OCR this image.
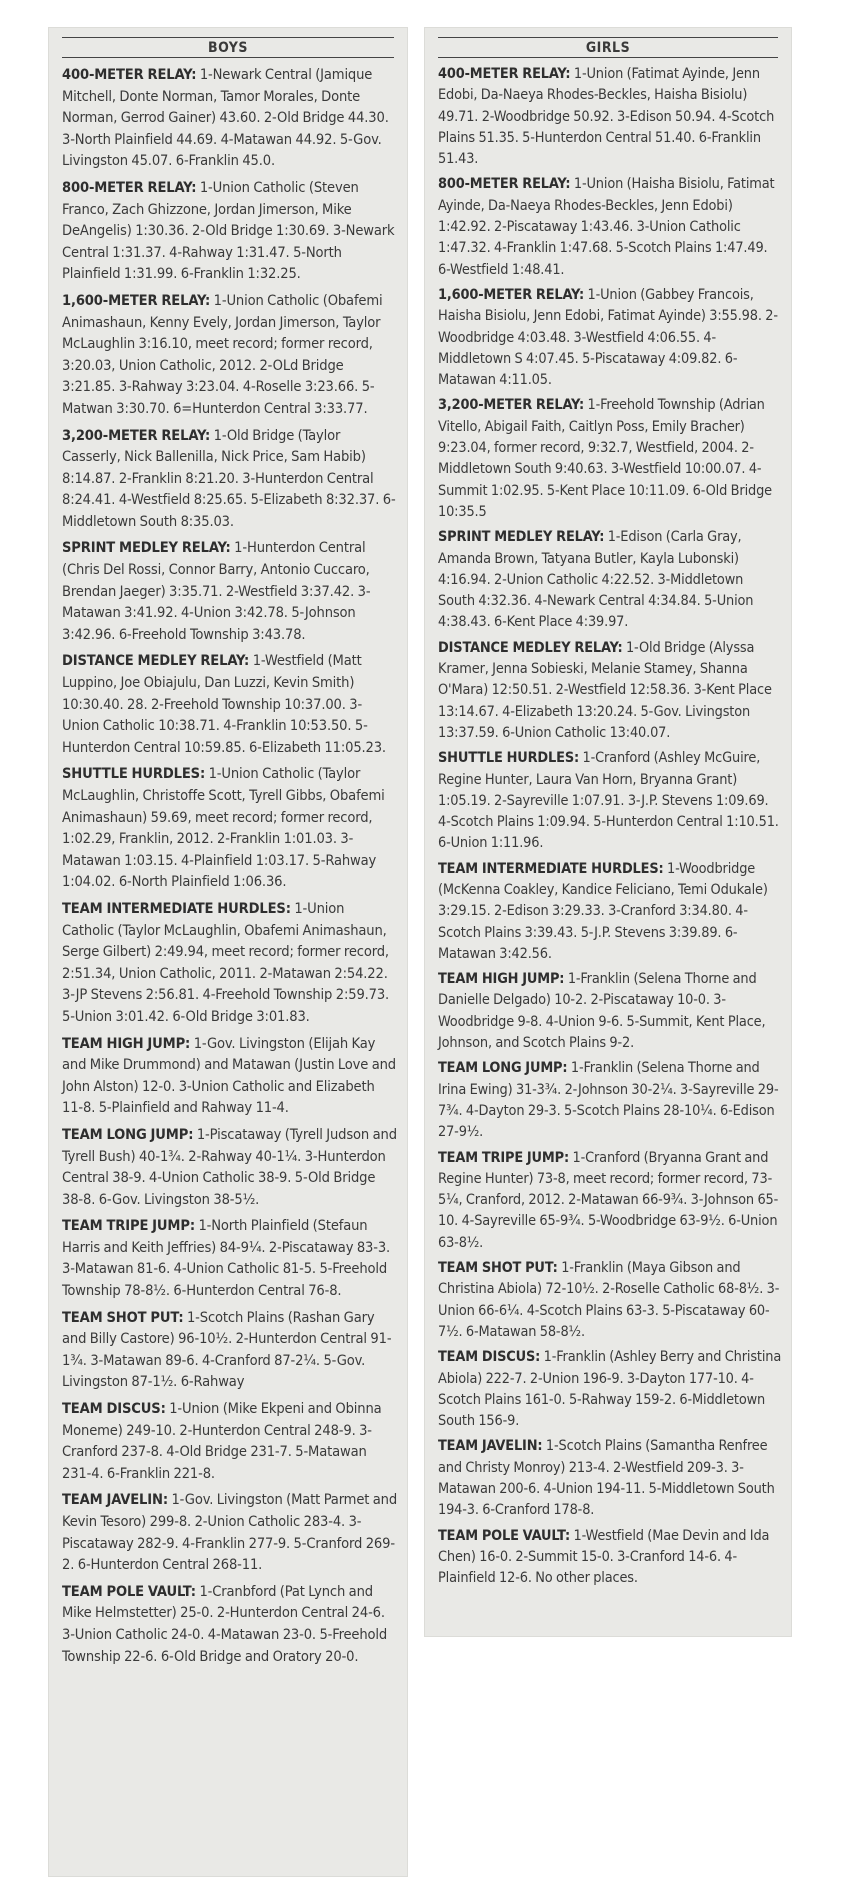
BOYS
400-METER RELAY: 1-Newark Central (Jamique Mitchell, Donte Norman, Tamor Morales, Donte Norman, Gerrod Gainer) 43.60. 2-Old Bridge 44.30. 3-North Plainfield 44.69. 4-Matawan 44.92. 5-Gov. Livingston 45.07. 6-Franklin 45.0.
800-METER RELAY: 1-Union Catholic (Steven Franco, Zach Ghizzone, Jordan Jimerson, Mike DeAngelis) 1:30.36. 2-Old Bridge 1:30.69. 3-Newark Central 1:31.37. 4-Rahway 1:31.47. 5-North Plainfield 1:31.99. 6-Franklin 1:32.25.
1,600-METER RELAY: 1-Union Catholic (Obafemi Animashaun, Kenny Evely, Jordan Jimerson, Taylor McLaughlin 3:16.10, meet record; former record, 3:20.03, Union Catholic, 2012. 2-OLd Bridge 3:21.85. 3-Rahway 3:23.04. 4-Roselle 3:23.66. 5-Matwan 3:30.70. 6=Hunterdon Central 3:33.77.
3,200-METER RELAY: 1-Old Bridge (Taylor Casserly, Nick Ballenilla, Nick Price, Sam Habib) 8:14.87. 2-Franklin 8:21.20. 3-Hunterdon Central 8:24.41. 4-Westfield 8:25.65. 5-Elizabeth 8:32.37. 6-Middletown South 8:35.03.
SPRINT MEDLEY RELAY: 1-Hunterdon Central (Chris Del Rossi, Connor Barry, Antonio Cuccaro, Brendan Jaeger) 3:35.71. 2-Westfield 3:37.42. 3-Matawan 3:41.92. 4-Union 3:42.78. 5-Johnson 3:42.96. 6-Freehold Township 3:43.78.
DISTANCE MEDLEY RELAY: 1-Westfield (Matt Luppino, Joe Obiajulu, Dan Luzzi, Kevin Smith) 10:30.40. 28. 2-Freehold Township 10:37.00. 3-Union Catholic 10:38.71. 4-Franklin 10:53.50. 5-Hunterdon Central 10:59.85. 6-Elizabeth 11:05.23.
SHUTTLE HURDLES: 1-Union Catholic (Taylor McLaughlin, Christoffe Scott, Tyrell Gibbs, Obafemi Animashaun) 59.69, meet record; former record, 1:02.29, Franklin, 2012. 2-Franklin 1:01.03. 3-Matawan 1:03.15. 4-Plainfield 1:03.17. 5-Rahway 1:04.02. 6-North Plainfield 1:06.36.
TEAM INTERMEDIATE HURDLES: 1-Union Catholic (Taylor McLaughlin, Obafemi Animashaun, Serge Gilbert) 2:49.94, meet record; former record, 2:51.34, Union Catholic, 2011. 2-Matawan 2:54.22. 3-JP Stevens 2:56.81. 4-Freehold Township 2:59.73. 5-Union 3:01.42. 6-Old Bridge 3:01.83.
TEAM HIGH JUMP: 1-Gov. Livingston (Elijah Kay and Mike Drummond) and Matawan (Justin Love and John Alston) 12-0. 3-Union Catholic and Elizabeth 11-8. 5-Plainfield and Rahway 11-4.
TEAM LONG JUMP: 1-Piscataway (Tyrell Judson and Tyrell Bush) 40-1¾. 2-Rahway 40-1¼. 3-Hunterdon Central 38-9. 4-Union Catholic 38-9. 5-Old Bridge 38-8. 6-Gov. Livingston 38-5½.
TEAM TRIPE JUMP: 1-North Plainfield (Stefaun Harris and Keith Jeffries) 84-9¼. 2-Piscataway 83-3. 3-Matawan 81-6. 4-Union Catholic 81-5. 5-Freehold Township 78-8½. 6-Hunterdon Central 76-8.
TEAM SHOT PUT: 1-Scotch Plains (Rashan Gary and Billy Castore) 96-10½. 2-Hunterdon Central 91-1¾. 3-Matawan 89-6. 4-Cranford 87-2¼. 5-Gov. Livingston 87-1½. 6-Rahway
TEAM DISCUS: 1-Union (Mike Ekpeni and Obinna Moneme) 249-10. 2-Hunterdon Central 248-9. 3-Cranford 237-8. 4-Old Bridge 231-7. 5-Matawan 231-4. 6-Franklin 221-8.
TEAM JAVELIN: 1-Gov. Livingston (Matt Parmet and Kevin Tesoro) 299-8. 2-Union Catholic 283-4. 3-Piscataway 282-9. 4-Franklin 277-9. 5-Cranford 269-2. 6-Hunterdon Central 268-11.
TEAM POLE VAULT: 1-Cranbford (Pat Lynch and Mike Helmstetter) 25-0. 2-Hunterdon Central 24-6. 3-Union Catholic 24-0. 4-Matawan 23-0. 5-Freehold Township 22-6. 6-Old Bridge and Oratory 20-0.
GIRLS
400-METER RELAY: 1-Union (Fatimat Ayinde, Jenn Edobi, Da-Naeya Rhodes-Beckles, Haisha Bisiolu) 49.71. 2-Woodbridge 50.92. 3-Edison 50.94. 4-Scotch Plains 51.35. 5-Hunterdon Central 51.40. 6-Franklin 51.43.
800-METER RELAY: 1-Union (Haisha Bisiolu, Fatimat Ayinde, Da-Naeya Rhodes-Beckles, Jenn Edobi) 1:42.92. 2-Piscataway 1:43.46. 3-Union Catholic 1:47.32. 4-Franklin 1:47.68. 5-Scotch Plains 1:47.49. 6-Westfield 1:48.41.
1,600-METER RELAY: 1-Union (Gabbey Francois, Haisha Bisiolu, Jenn Edobi, Fatimat Ayinde) 3:55.98. 2-Woodbridge 4:03.48. 3-Westfield 4:06.55. 4-Middletown S 4:07.45. 5-Piscataway 4:09.82. 6-Matawan 4:11.05.
3,200-METER RELAY: 1-Freehold Township (Adrian Vitello, Abigail Faith, Caitlyn Poss, Emily Bracher) 9:23.04, former record, 9:32.7, Westfield, 2004. 2-Middletown South 9:40.63. 3-Westfield 10:00.07. 4-Summit 1:02.95. 5-Kent Place 10:11.09. 6-Old Bridge 10:35.5
SPRINT MEDLEY RELAY: 1-Edison (Carla Gray, Amanda Brown, Tatyana Butler, Kayla Lubonski) 4:16.94. 2-Union Catholic 4:22.52. 3-Middletown South 4:32.36. 4-Newark Central 4:34.84. 5-Union 4:38.43. 6-Kent Place 4:39.97.
DISTANCE MEDLEY RELAY: 1-Old Bridge (Alyssa Kramer, Jenna Sobieski, Melanie Stamey, Shanna O'Mara) 12:50.51. 2-Westfield 12:58.36. 3-Kent Place 13:14.67. 4-Elizabeth 13:20.24. 5-Gov. Livingston 13:37.59. 6-Union Catholic 13:40.07.
SHUTTLE HURDLES: 1-Cranford (Ashley McGuire, Regine Hunter, Laura Van Horn, Bryanna Grant) 1:05.19. 2-Sayreville 1:07.91. 3-J.P. Stevens 1:09.69. 4-Scotch Plains 1:09.94. 5-Hunterdon Central 1:10.51. 6-Union 1:11.96.
TEAM INTERMEDIATE HURDLES: 1-Woodbridge (McKenna Coakley, Kandice Feliciano, Temi Odukale) 3:29.15. 2-Edison 3:29.33. 3-Cranford 3:34.80. 4-Scotch Plains 3:39.43. 5-J.P. Stevens 3:39.89. 6-Matawan 3:42.56.
TEAM HIGH JUMP: 1-Franklin (Selena Thorne and Danielle Delgado) 10-2. 2-Piscataway 10-0. 3-Woodbridge 9-8. 4-Union 9-6. 5-Summit, Kent Place, Johnson, and Scotch Plains 9-2.
TEAM LONG JUMP: 1-Franklin (Selena Thorne and Irina Ewing) 31-3¾. 2-Johnson 30-2¼. 3-Sayreville 29-7¾. 4-Dayton 29-3. 5-Scotch Plains 28-10¼. 6-Edison 27-9½.
TEAM TRIPE JUMP: 1-Cranford (Bryanna Grant and Regine Hunter) 73-8, meet record; former record, 73-5¼, Cranford, 2012. 2-Matawan 66-9¾. 3-Johnson 65-10. 4-Sayreville 65-9¾. 5-Woodbridge 63-9½. 6-Union 63-8½.
TEAM SHOT PUT: 1-Franklin (Maya Gibson and Christina Abiola) 72-10½. 2-Roselle Catholic 68-8½. 3-Union 66-6¼. 4-Scotch Plains 63-3. 5-Piscataway 60-7½. 6-Matawan 58-8½.
TEAM DISCUS: 1-Franklin (Ashley Berry and Christina Abiola) 222-7. 2-Union 196-9. 3-Dayton 177-10. 4-Scotch Plains 161-0. 5-Rahway 159-2. 6-Middletown South 156-9.
TEAM JAVELIN: 1-Scotch Plains (Samantha Renfree and Christy Monroy) 213-4. 2-Westfield 209-3. 3-Matawan 200-6. 4-Union 194-11. 5-Middletown South 194-3. 6-Cranford 178-8.
TEAM POLE VAULT: 1-Westfield (Mae Devin and Ida Chen) 16-0. 2-Summit 15-0. 3-Cranford 14-6. 4-Plainfield 12-6. No other places.
